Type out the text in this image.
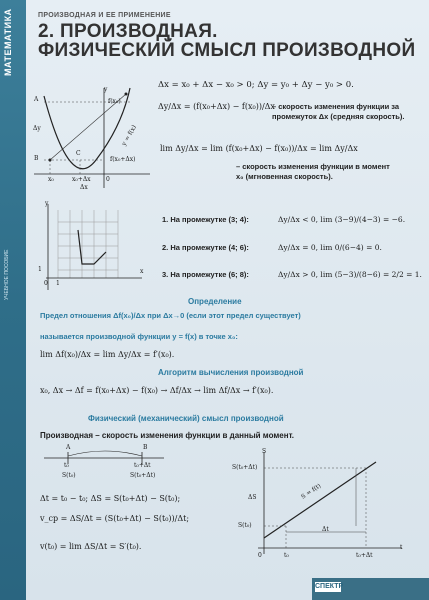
МАТЕМАТИКА
УЧЕБНОЕ ПОСОБИЕ
ПРОИЗВОДНАЯ И ЕЕ ПРИМЕНЕНИЕ
2. ПРОИЗВОДНАЯ.
ФИЗИЧЕСКИЙ СМЫСЛ ПРОИЗВОДНОЙ
y
f(x₀)
A
B
Δy
C
f(x₀+Δx)
y = f(x)
x₀	x₀+Δx	0
Δx
Δx = x₀ + Δx − x₀ > 0; Δy = y₀ + Δy − y₀ > 0.
Δy/Δx = (f(x₀+Δx) − f(x₀))/Δx
– скорость изменения функции за промежуток Δx (средняя скорость).
lim Δy/Δx = lim (f(x₀+Δx) − f(x₀))/Δx = lim Δy/Δx
– скорость изменения функции в момент x₀ (мгновенная скорость).
y
1
0 1
x
1. На промежутке (3; 4):	Δy/Δx < 0, lim (3−9)/(4−3) = −6.
2. На промежутке (4; 6):	Δy/Δx = 0, lim 0/(6−4) = 0.
3. На промежутке (6; 8):	Δy/Δx > 0, lim (5−3)/(8−6) = 2/2 = 1.
Определение
Предел отношения Δf(x₀)/Δx при Δx→0 (если этот предел существует)
называется производной функции y = f(x) в точке x₀:
lim Δf(x₀)/Δx = lim Δy/Δx = f′(x₀).
Алгоритм вычисления производной
x₀, Δx → Δf = f(x₀+Δx) − f(x₀) → Δf/Δx → lim Δf/Δx → f′(x₀).
Физический (механический) смысл производной
Производная – скорость изменения функции в данный момент.
A	B
t₀	t₀+Δt
S(t₀)	S(t₀+Δt)
Δt = t₀ − t₀; ΔS = S(t₀+Δt) − S(t₀);
v_cp = ΔS/Δt = (S(t₀+Δt) − S(t₀))/Δt;
v(t₀) = lim ΔS/Δt = S′(t₀).
S
S(t₀+Δt)
ΔS
S(t₀)
S = f(t)
Δt
0	t₀	t₀+Δt
t
СПЕКТР
